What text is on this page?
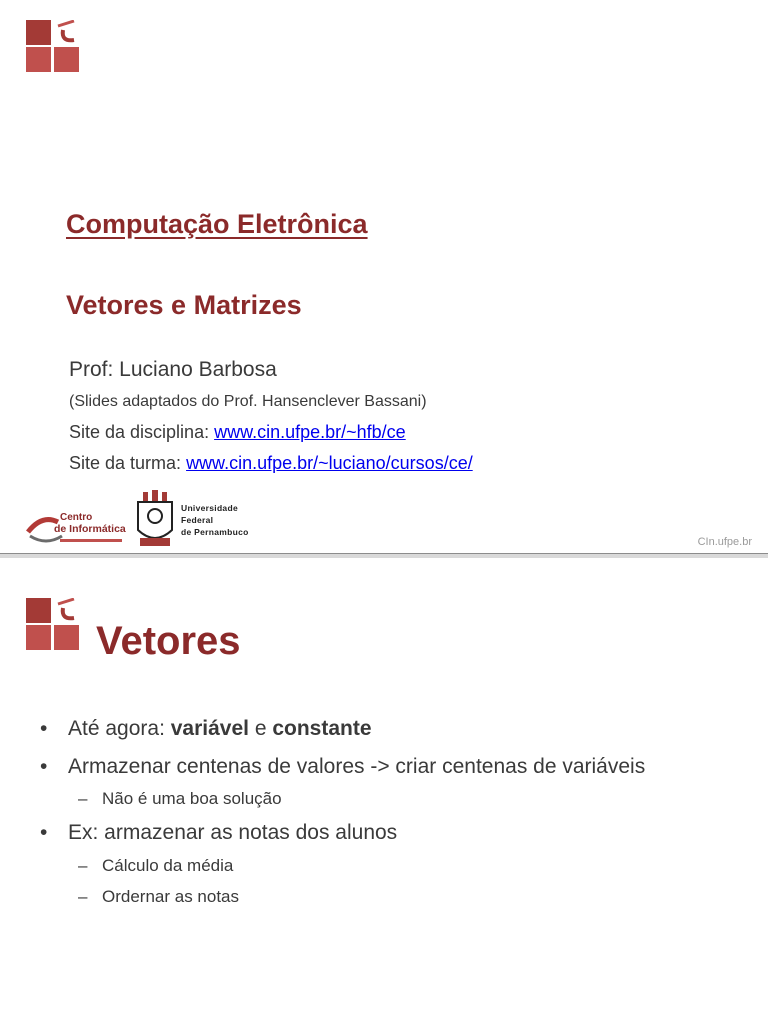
Computação Eletrônica
Vetores e Matrizes
Prof: Luciano Barbosa
(Slides adaptados do Prof. Hansenclever Bassani)
Site da disciplina: www.cin.ufpe.br/~hfb/ce
Site da turma: www.cin.ufpe.br/~luciano/cursos/ce/
Centro
de Informática
Universidade
Federal
de Pernambuco
CIn.ufpe.br
Vetores
• Até agora: variável e constante
• Armazenar centenas de valores -> criar centenas de variáveis
– Não é uma boa solução
• Ex: armazenar as notas dos alunos
– Cálculo da média
– Ordernar as notas
